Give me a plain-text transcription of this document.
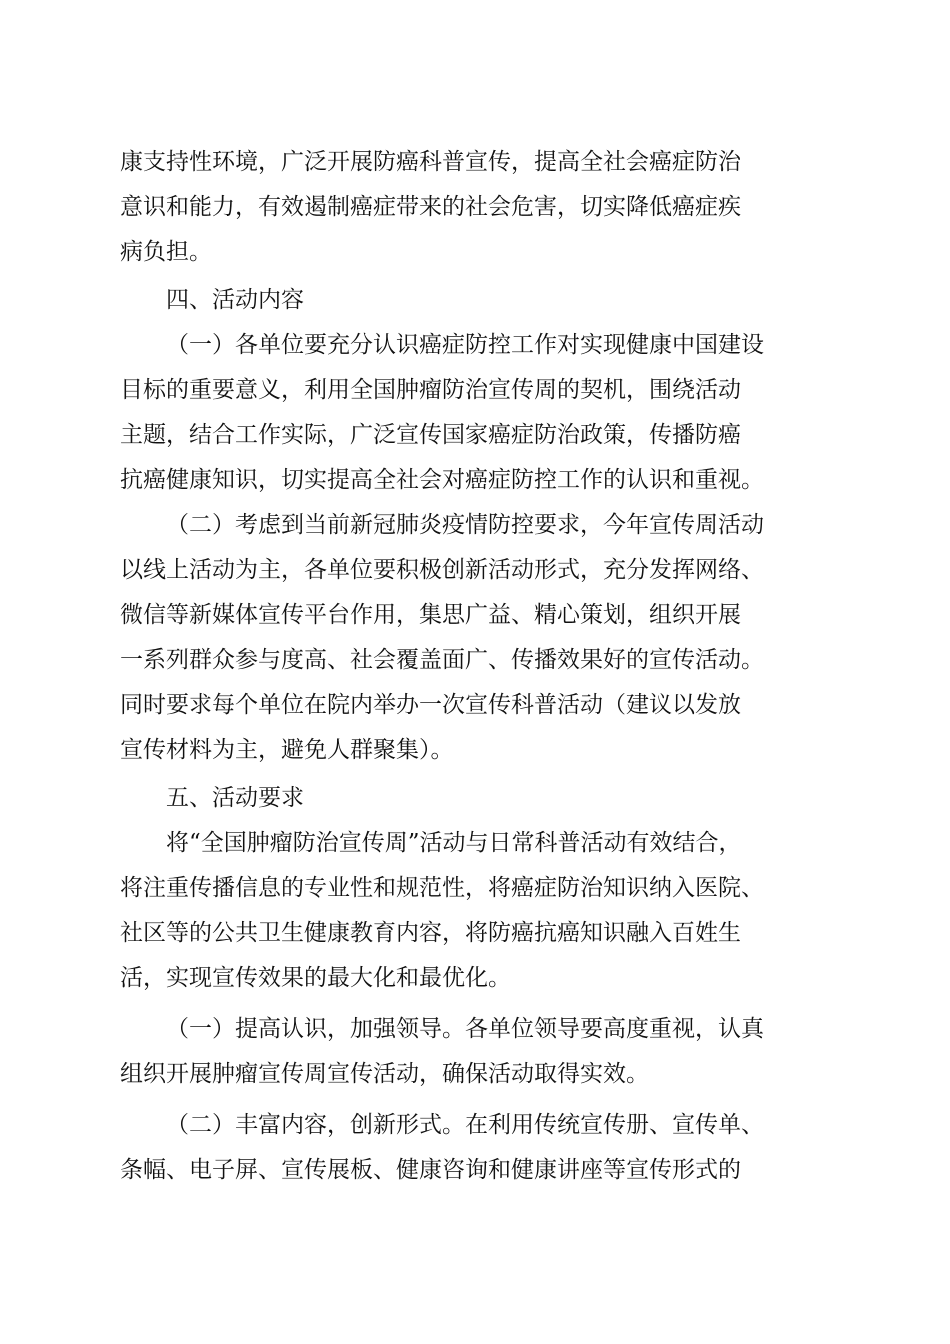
康支持性环境，广泛开展防癌科普宣传，提高全社会癌症防治
意识和能力，有效遏制癌症带来的社会危害，切实降低癌症疾
病负担。
四、活动内容
（一）各单位要充分认识癌症防控工作对实现健康中国建设
目标的重要意义，利用全国肿瘤防治宣传周的契机，围绕活动
主题，结合工作实际，广泛宣传国家癌症防治政策，传播防癌
抗癌健康知识，切实提高全社会对癌症防控工作的认识和重视。
（二）考虑到当前新冠肺炎疫情防控要求，今年宣传周活动
以线上活动为主，各单位要积极创新活动形式，充分发挥网络、
微信等新媒体宣传平台作用，集思广益、精心策划，组织开展
一系列群众参与度高、社会覆盖面广、传播效果好的宣传活动。
同时要求每个单位在院内举办一次宣传科普活动（建议以发放
宣传材料为主，避免人群聚集）。
五、活动要求
将“全国肿瘤防治宣传周”活动与日常科普活动有效结合，
将注重传播信息的专业性和规范性，将癌症防治知识纳入医院、
社区等的公共卫生健康教育内容，将防癌抗癌知识融入百姓生
活，实现宣传效果的最大化和最优化。
（一）提高认识，加强领导。各单位领导要高度重视，认真
组织开展肿瘤宣传周宣传活动，确保活动取得实效。
（二）丰富内容，创新形式。在利用传统宣传册、宣传单、
条幅、电子屏、宣传展板、健康咨询和健康讲座等宣传形式的
